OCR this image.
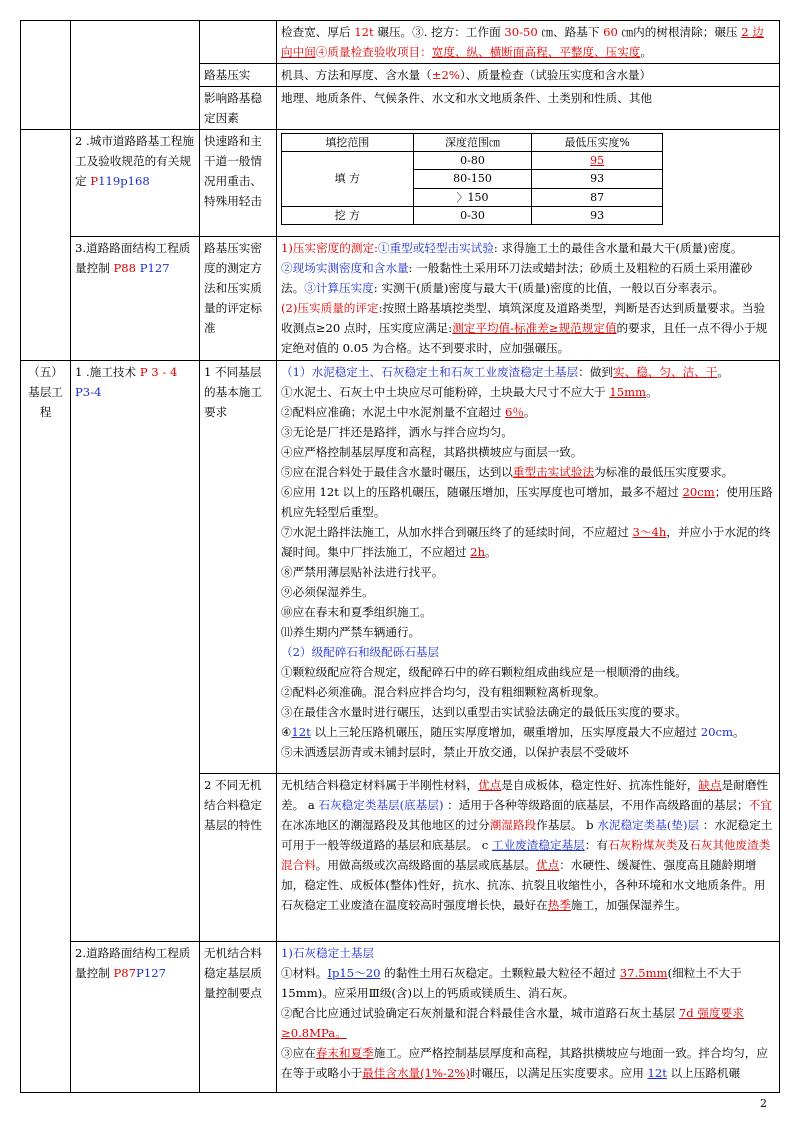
			检查宽、厚后 12t 碾压。③. 挖方：工作面 30-50 ㎝、路基下 60 ㎝内的树根清除；碾压 2 边向中间④质量检查验收项目：宽度、纵、横断面高程、平整度、压实度。
路基压实	机具、方法和厚度、含水量（±2%）、质量检查（试验压实度和含水量）
影响路基稳定因素	地理、地质条件、气候条件、水文和水文地质条件、土类别和性质、其他
	2 .城市道路路基工程施工及验收规范的有关规定 P119p168	快速路和主干道一般情况用重击、特殊用轻击	
填挖范围	深度范围㎝	最低压实度%
填 方	0-80	95
80-150	93
〉150	87
挖 方	0-30	93

3.道路路面结构工程质量控制 P88 P127	路基压实密度的测定方法和压实质量的评定标准	
1)压实密度的测定:①重型或轻型击实试验: 求得施工土的最佳含水量和最大干(质量)密度。
②现场实测密度和含水量: 一般黏性土采用环刀法或蜡封法；砂质土及粗粒的石质土采用灌砂法。③计算压实度: 实测干(质量)密度与最大干(质量)密度的比值，一般以百分率表示。
(2)压实质量的评定:按照土路基填挖类型、填筑深度及道路类型，判断是否达到质量要求。当验收测点≥20 点时，压实度应满足:测定平均值-标准差≥规范规定值的要求，且任一点不得小于规定绝对值的 0.05 为合格。达不到要求时，应加强碾压。

（五）基层工程	1 .施工技术 P 3 - 4 P3-4	1 不同基层的基本施工要求	
（1）水泥稳定土、石灰稳定土和石灰工业废渣稳定土基层：做到实、稳、匀、洁、干。
①水泥土、石灰土中土块应尽可能粉碎，土块最大尺寸不应大于 15mm。
②配料应准确；水泥土中水泥剂量不宜超过 6％。
③无论是厂拌还是路拌，洒水与拌合应均匀。
④应严格控制基层厚度和高程，其路拱横坡应与面层一致。
⑤应在混合料处于最佳含水量时碾压，达到以重型击实试验法为标准的最低压实度要求。
⑥应用 12t 以上的压路机碾压，随碾压增加，压实厚度也可增加，最多不超过 20cm；使用压路机应先轻型后重型。
⑦水泥土路拌法施工，从加水拌合到碾压终了的延续时间，不应超过 3～4h，并应小于水泥的终凝时间。集中厂拌法施工，不应超过 2h。
⑧严禁用薄层贴补法进行找平。
⑨必须保湿养生。
⑩应在春末和夏季组织施工。
⑾养生期内严禁车辆通行。
（2）级配碎石和级配砾石基层
①颗粒级配应符合规定，级配碎石中的碎石颗粒组成曲线应是一根顺滑的曲线。
②配料必须准确。混合料应拌合均匀，没有粗细颗粒离析现象。
③在最佳含水量时进行碾压，达到以重型击实试验法确定的最低压实度的要求。
④12t 以上三轮压路机碾压，随压实厚度增加，碾重增加，压实厚度最大不应超过 20cm。
⑤未洒透层沥青或未铺封层时，禁止开放交通，以保护表层不受破坏

2 不同无机结合料稳定基层的特性	
无机结合料稳定材料属于半刚性材料，优点是自成板体，稳定性好、抗冻性能好，缺点是耐磨性差。 a 石灰稳定类基层(底基层) ：适用于各种等级路面的底基层，不用作高级路面的基层；不宜在冰冻地区的潮湿路段及其他地区的过分潮湿路段作基层。 b 水泥稳定类基(垫)层 ：水泥稳定土可用于一般等级道路的基层和底基层。 c 工业废渣稳定基层：有石灰粉煤灰类及石灰其他废渣类混合料。用做高级或次高级路面的基层或底基层。优点：水硬性、缓凝性、强度高且随龄期增加，稳定性、成板体(整体)性好，抗水、抗冻、抗裂且收缩性小，各种环境和水文地质条件。用石灰稳定工业废渣在温度较高时强度增长快，最好在热季施工，加强保湿养生。

2.道路路面结构工程质量控制 P87P127	无机结合料稳定基层质量控制要点	
1)石灰稳定土基层
①材料。Ip15～20 的黏性土用石灰稳定。土颗粒最大粒径不超过 37.5mm(细粒土不大于 15mm)。应采用Ⅲ级(含)以上的钙质或镁质生、消石灰。
②配合比应通过试验确定石灰剂量和混合料最佳含水量，城市道路石灰土基层 7d 强度要求≥0.8MPa。
③应在春末和夏季施工。应严格控制基层厚度和高程，其路拱横坡应与地面一致。拌合均匀，应在等于或略小于最佳含水量(1%-2%)时碾压，以满足压实度要求。应用 12t 以上压路机碾
2
